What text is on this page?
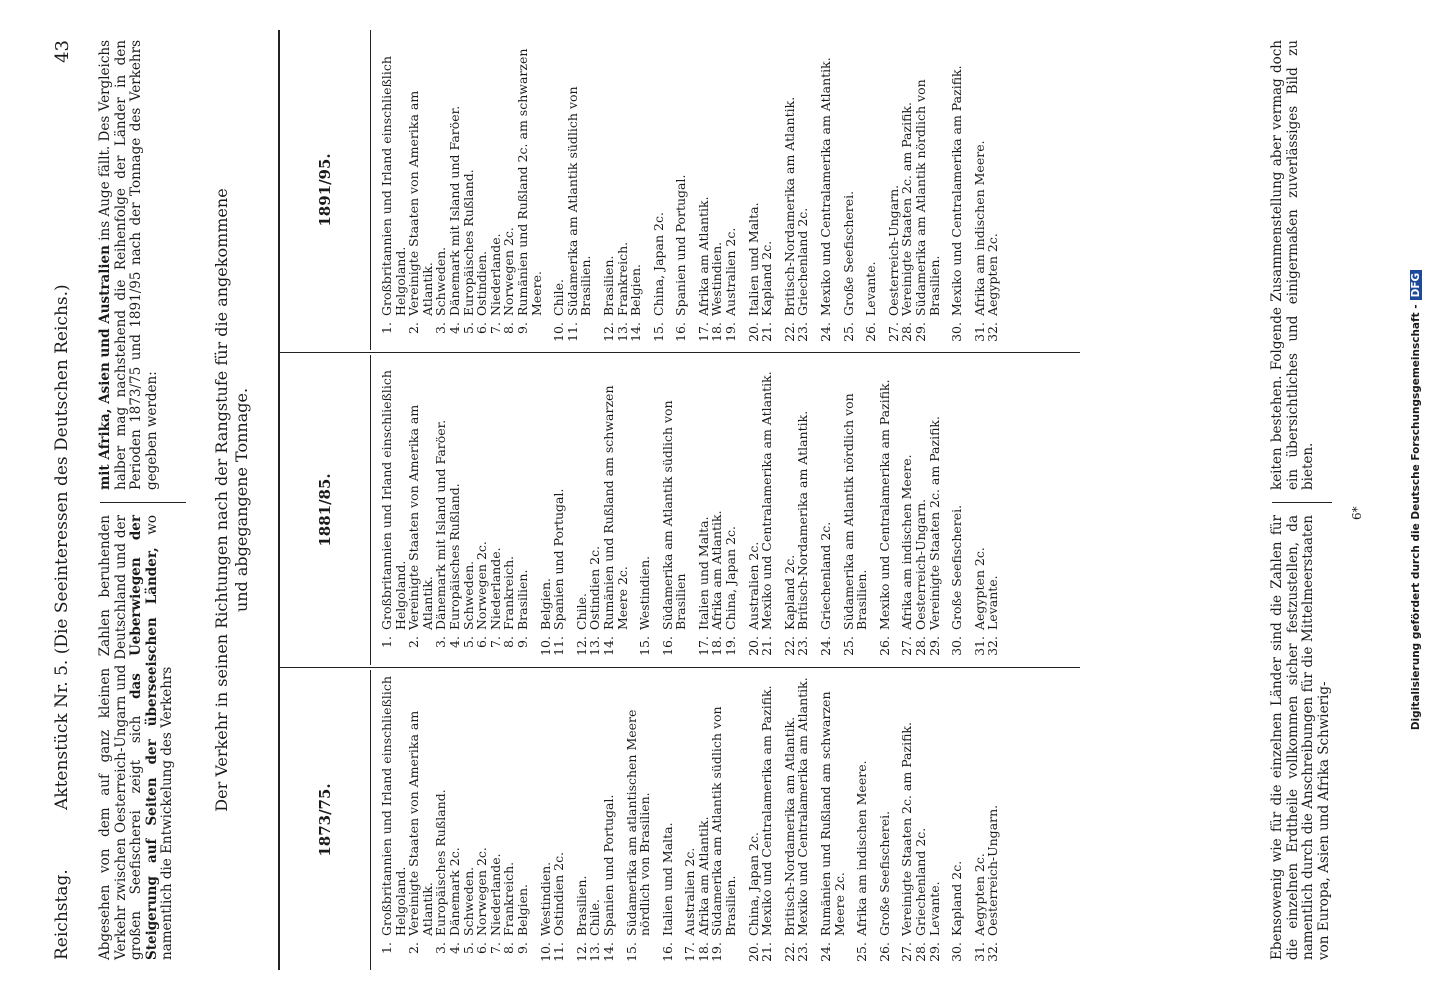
Reichstag.
Aktenstück Nr. 5. (Die Seeinteressen des Deutschen Reichs.)
43
Abgesehen von dem auf ganz kleinen Zahlen beruhenden Verkehr zwischen Oesterreich-Ungarn und Deutschland und der großen Seefischerei zeigt sich das Ueberwiegen der Steigerung auf Seiten der überseeischen Länder, wo namentlich die Entwickelung des Verkehrs
mit Afrika, Asien und Australien ins Auge fällt. Des Vergleichs halber mag nachstehend die Reihenfolge der Länder in den Perioden 1873/75 und 1891/95 nach der Tonnage des Verkehrs gegeben werden:	Der Verkehr in seinen Richtungen nach der Rangstufe für die angekommene und abgegangene Tonnage.
1873/75.
1881/85.
1891/95.
1.
Großbritannien und Irland einschließlich Helgoland.
2.
Vereinigte Staaten von Amerika am Atlantik.
3.
Europäisches Rußland.
4.
Dänemark 2c.
5.
Schweden.
6.
Norwegen 2c.
7.
Niederlande.
8.
Frankreich.
9.
Belgien.
10.
Westindien.
11.
Ostindien 2c.
12.
Brasilien.
13.
Chile.
14.
Spanien und Portugal.
15.
Südamerika am atlantischen Meere nördlich von Brasilien.
16.
Italien und Malta.
17.
Australien 2c.
18.
Afrika am Atlantik.
19.
Südamerika am Atlantik südlich von Brasilien.
20.
China, Japan 2c.
21.
Mexiko und Centralamerika am Pazifik.
22.
Britisch-Nordamerika am Atlantik.
23.
Mexiko und Centralamerika am Atlantik.
24.
Rumänien und Rußland am schwarzen Meere 2c.
25.
Afrika am indischen Meere.
26.
Große Seefischerei.
27.
Vereinigte Staaten 2c. am Pazifik.
28.
Griechenland 2c.
29.
Levante.
30.
Kapland 2c.
31.
Aegypten 2c.
32.
Oesterreich-Ungarn.
1.
Großbritannien und Irland einschließlich Helgoland.
2.
Vereinigte Staaten von Amerika am Atlantik.
3.
Dänemark mit Island und Faröer.
4.
Europäisches Rußland.
5.
Schweden.
6.
Norwegen 2c.
7.
Niederlande.
8.
Frankreich.
9.
Brasilien.
10.
Belgien.
11.
Spanien und Portugal.
12.
Chile.
13.
Ostindien 2c.
14.
Rumänien und Rußland am schwarzen Meere 2c.
15.
Westindien.
16.
Südamerika am Atlantik südlich von Brasilien
17.
Italien und Malta.
18.
Afrika am Atlantik.
19.
China, Japan 2c.
20.
Australien 2c.
21.
Mexiko und Centralamerika am Atlantik.
22.
Kapland 2c.
23.
Britisch-Nordamerika am Atlantik.
24.
Griechenland 2c.
25.
Südamerika am Atlantik nördlich von Brasilien.
26.
Mexiko und Centralamerika am Pazifik.
27.
Afrika am indischen Meere.
28.
Oesterreich-Ungarn.
29.
Vereinigte Staaten 2c. am Pazifik.
30.
Große Seefischerei.
31.
Aegypten 2c.
32.
Levante.
1.
Großbritannien und Irland einschließlich Helgoland.
2.
Vereinigte Staaten von Amerika am Atlantik.
3.
Schweden.
4.
Dänemark mit Island und Faröer.
5.
Europäisches Rußland.
6.
Ostindien.
7.
Niederlande.
8.
Norwegen 2c.
9.
Rumänien und Rußland 2c. am schwarzen Meere.
10.
Chile.
11.
Südamerika am Atlantik südlich von Brasilien.
12.
Brasilien.
13.
Frankreich.
14.
Belgien.
15.
China, Japan 2c.
16.
Spanien und Portugal.
17.
Afrika am Atlantik.
18.
Westindien.
19.
Australien 2c.
20.
Italien und Malta.
21.
Kapland 2c.
22.
Britisch-Nordamerika am Atlantik.
23.
Griechenland 2c.
24.
Mexiko und Centralamerika am Atlantik.
25.
Große Seefischerei.
26.
Levante.
27.
Oesterreich-Ungarn.
28.
Vereinigte Staaten 2c. am Pazifik.
29.
Südamerika am Atlantik nördlich von Brasilien.
30.
Mexiko und Centralamerika am Pazifik.
31.
Afrika am indischen Meere.
32.
Aegypten 2c.
Ebensowenig wie für die einzelnen Länder sind die Zahlen für die einzelnen Erdtheile vollkommen sicher festzustellen, da namentlich durch die Anschreibungen für die Mittelmeerstaaten von Europa, Asien und Afrika Schwierig-
keiten bestehen. Folgende Zusammenstellung aber vermag doch ein übersichtliches und einigermaßen zuverlässiges Bild zu bieten.
6*	Digitalisierung gefördert durch die Deutsche Forschungsgemeinschaft -DFG
